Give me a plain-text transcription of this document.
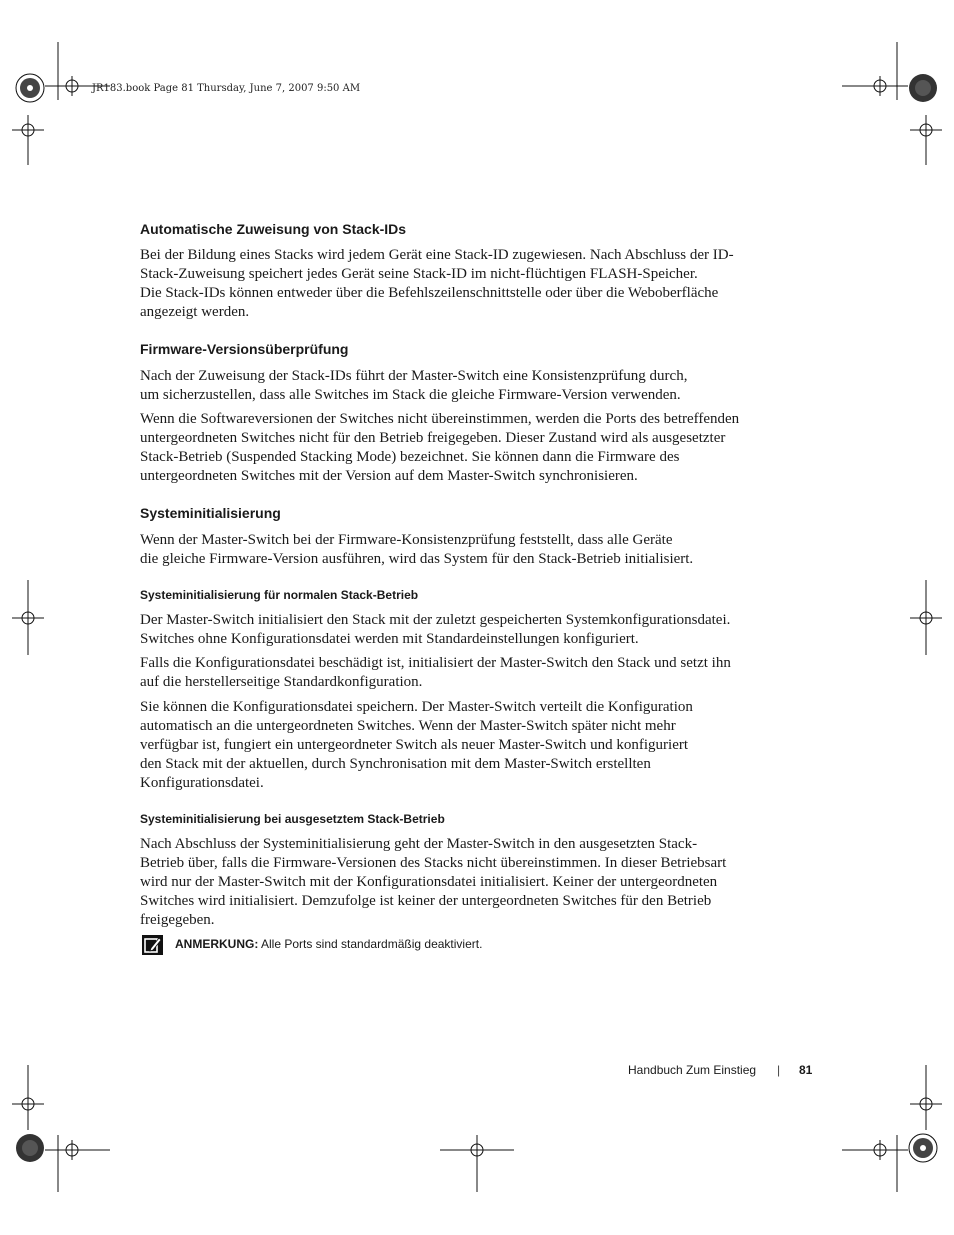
JR183.book Page 81 Thursday, June 7, 2007 9:50 AM
Automatische Zuweisung von Stack-IDs

Bei der Bildung eines Stacks wird jedem Gerät eine Stack-ID zugewiesen. Nach Abschluss der ID-
Stack-Zuweisung speichert jedes Gerät seine Stack-ID im nicht-flüchtigen FLASH-Speicher.
Die Stack-IDs können entweder über die Befehlszeilenschnittstelle oder über die Weboberfläche
angezeigt werden.

Firmware-Versionsüberprüfung

Nach der Zuweisung der Stack-IDs führt der Master-Switch eine Konsistenzprüfung durch,
um sicherzustellen, dass alle Switches im Stack die gleiche Firmware-Version verwenden.

Wenn die Softwareversionen der Switches nicht übereinstimmen, werden die Ports des betreffenden
untergeordneten Switches nicht für den Betrieb freigegeben. Dieser Zustand wird als ausgesetzter
Stack-Betrieb (Suspended Stacking Mode) bezeichnet. Sie können dann die Firmware des
untergeordneten Switches mit der Version auf dem Master-Switch synchronisieren.

Systeminitialisierung

Wenn der Master-Switch bei der Firmware-Konsistenzprüfung feststellt, dass alle Geräte
die gleiche Firmware-Version ausführen, wird das System für den Stack-Betrieb initialisiert.

Systeminitialisierung für normalen Stack-Betrieb

Der Master-Switch initialisiert den Stack mit der zuletzt gespeicherten Systemkonfigurationsdatei.
Switches ohne Konfigurationsdatei werden mit Standardeinstellungen konfiguriert.

Falls die Konfigurationsdatei beschädigt ist, initialisiert der Master-Switch den Stack und setzt ihn
auf die herstellerseitige Standardkonfiguration.

Sie können die Konfigurationsdatei speichern. Der Master-Switch verteilt die Konfiguration
automatisch an die untergeordneten Switches. Wenn der Master-Switch später nicht mehr
verfügbar ist, fungiert ein untergeordneter Switch als neuer Master-Switch und konfiguriert
den Stack mit der aktuellen, durch Synchronisation mit dem Master-Switch erstellten
Konfigurationsdatei.

Systeminitialisierung bei ausgesetztem Stack-Betrieb

Nach Abschluss der Systeminitialisierung geht der Master-Switch in den ausgesetzten Stack-
Betrieb über, falls die Firmware-Versionen des Stacks nicht übereinstimmen. In dieser Betriebsart
wird nur der Master-Switch mit der Konfigurationsdatei initialisiert. Keiner der untergeordneten
Switches wird initialisiert. Demzufolge ist keiner der untergeordneten Switches für den Betrieb
freigegeben.

ANMERKUNG: Alle Ports sind standardmäßig deaktiviert.
Handbuch Zum Einstieg | 81
